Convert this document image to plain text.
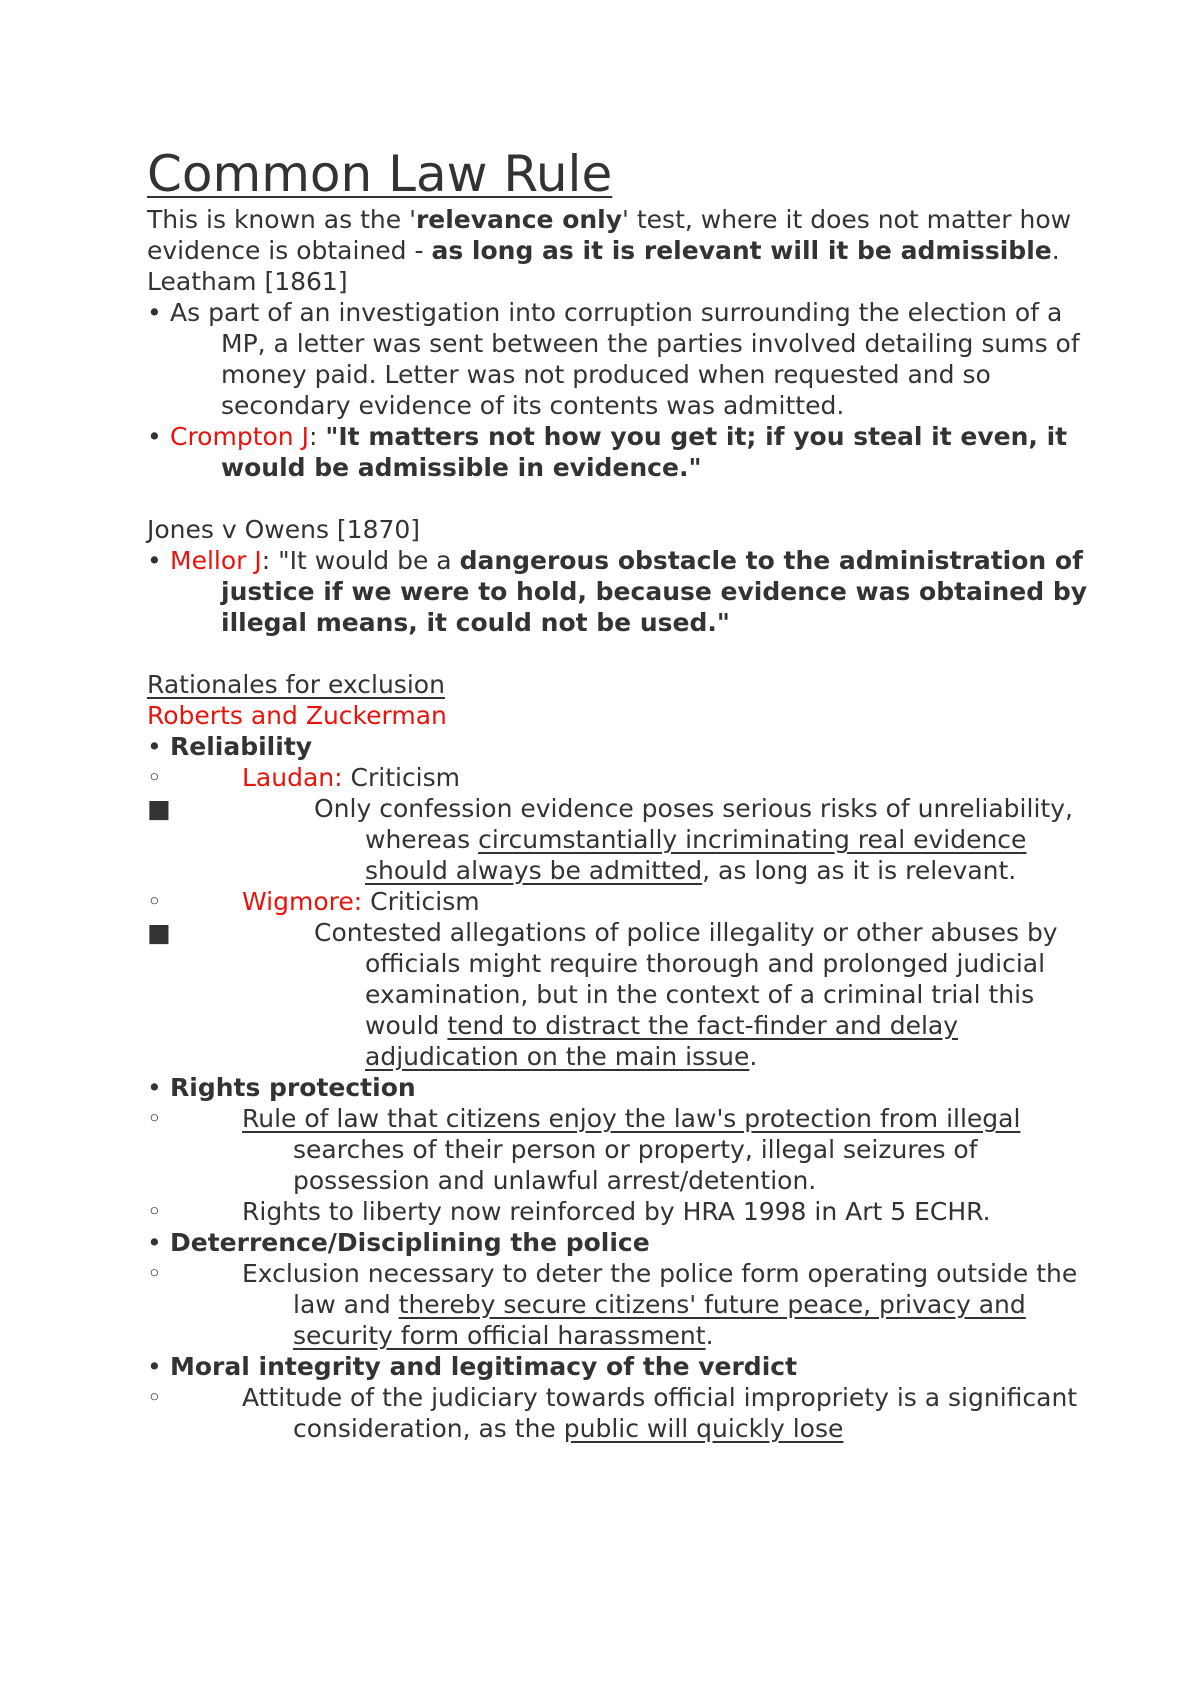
Common Law Rule

This is known as the 'relevance only' test, where it does not matter how evidence is obtained - as long as it is relevant will it be admissible.

Leatham [1861]

• As part of an investigation into corruption surrounding the election of a MP, a letter was sent between the parties involved detailing sums of money paid. Letter was not produced when requested and so secondary evidence of its contents was admitted.

• Crompton J: "It matters not how you get it; if you steal it even, it would be admissible in evidence."

Jones v Owens [1870]

• Mellor J: "It would be a dangerous obstacle to the administration of justice if we were to hold, because evidence was obtained by illegal means, it could not be used."

Rationales for exclusion

Roberts and Zuckerman

• Reliability

◦	Laudan: Criticism

■	Only confession evidence poses serious risks of unreliability, whereas circumstantially incriminating real evidence should always be admitted, as long as it is relevant.

◦	Wigmore: Criticism

■	Contested allegations of police illegality or other abuses by officials might require thorough and prolonged judicial examination, but in the context of a criminal trial this would tend to distract the fact-finder and delay adjudication on the main issue.

• Rights protection

◦	Rule of law that citizens enjoy the law's protection from illegal searches of their person or property, illegal seizures of possession and unlawful arrest/detention.

◦	Rights to liberty now reinforced by HRA 1998 in Art 5 ECHR.

• Deterrence/Disciplining the police

◦	Exclusion necessary to deter the police form operating outside the law and thereby secure citizens' future peace, privacy and security form official harassment.

• Moral integrity and legitimacy of the verdict

◦	Attitude of the judiciary towards official impropriety is a significant consideration, as the public will quickly lose
